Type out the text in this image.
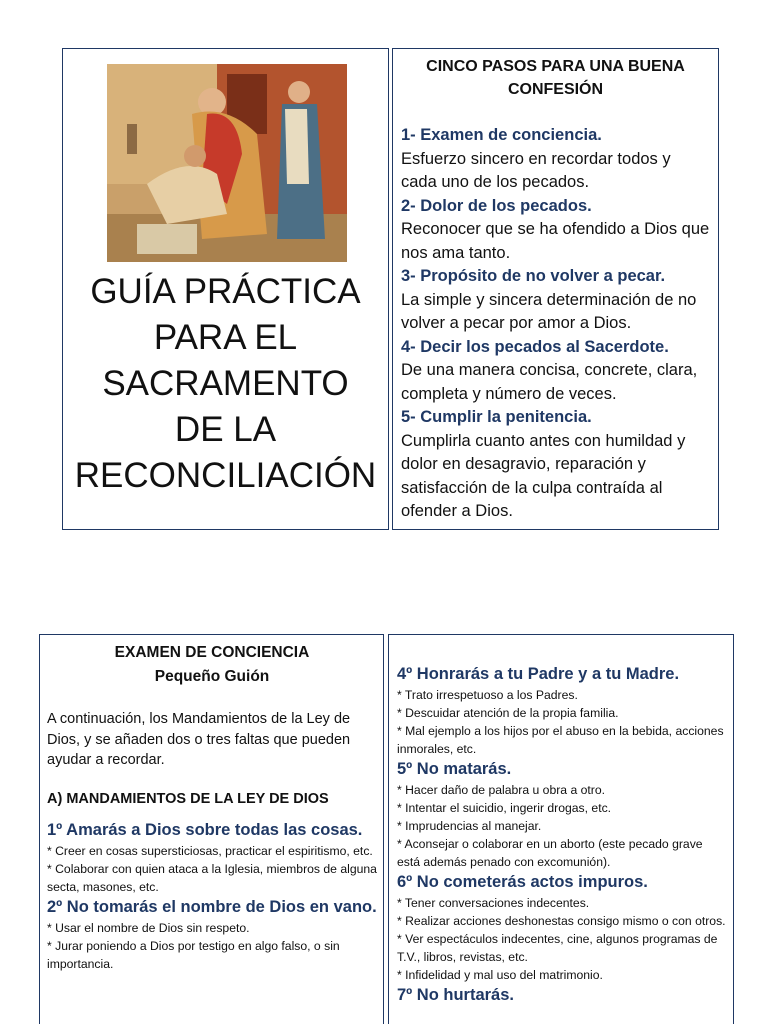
GUÍA PRÁCTICA
PARA EL
SACRAMENTO
DE LA
RECONCILIACIÓN
CINCO PASOS PARA UNA BUENA CONFESIÓN
1- Examen de conciencia.
Esfuerzo sincero en recordar todos y cada uno de los pecados.
2- Dolor de los pecados.
Reconocer que se ha ofendido a Dios que nos ama tanto.
3- Propósito de no volver a pecar.
La simple y sincera determinación de no volver a pecar por amor a Dios.
4- Decir los pecados al Sacerdote.
De una manera concisa, concrete, clara, completa y número de veces.
5- Cumplir la penitencia.
Cumplirla cuanto antes con humildad y dolor en desagravio, reparación y satisfacción de la culpa contraída al ofender a Dios.
EXAMEN DE CONCIENCIA
Pequeño Guión
A continuación, los Mandamientos de la Ley de Dios, y se añaden dos o tres faltas que pueden ayudar a recordar.
A) MANDAMIENTOS DE LA LEY DE DIOS
1º Amarás a Dios sobre todas las cosas.
* Creer en cosas supersticiosas, practicar el espiritismo, etc.
* Colaborar con quien ataca a la Iglesia, miembros de alguna secta, masones, etc.
2º No tomarás el nombre de Dios en vano.
* Usar el nombre de Dios sin respeto.
* Jurar poniendo a Dios por testigo en algo falso, o sin importancia.
4º Honrarás a tu Padre y a tu Madre.
* Trato irrespetuoso a los Padres.
* Descuidar atención de la propia familia.
* Mal ejemplo a los hijos por el abuso en la bebida, acciones inmorales, etc.
5º No matarás.
* Hacer daño de palabra u obra a otro.
* Intentar el suicidio, ingerir drogas, etc.
* Imprudencias al manejar.
* Aconsejar o colaborar en un aborto (este pecado grave está además penado con excomunión).
6º No cometerás actos impuros.
* Tener conversaciones indecentes.
* Realizar acciones deshonestas consigo mismo o con otros.
* Ver espectáculos indecentes, cine, algunos programas de T.V., libros, revistas, etc.
* Infidelidad y mal uso del matrimonio.
7º No hurtarás.
